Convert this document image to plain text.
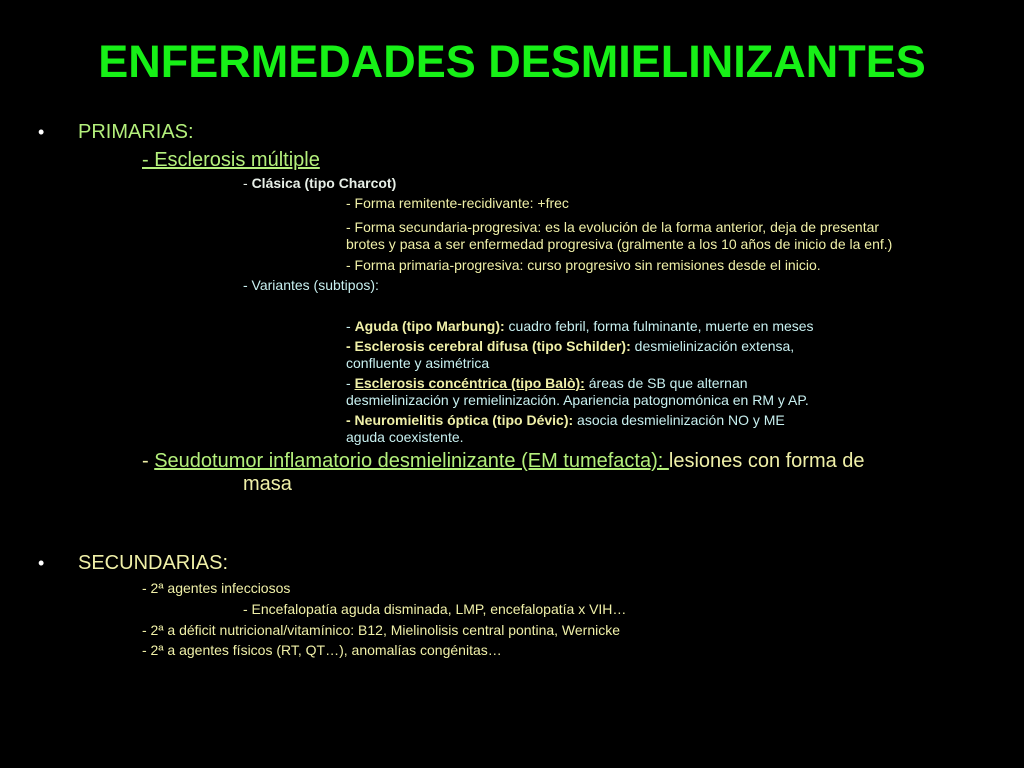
ENFERMEDADES DESMIELINIZANTES
• PRIMARIAS:
- Esclerosis múltiple
- Clásica (tipo Charcot)
- Forma remitente-recidivante: +frec
- Forma secundaria-progresiva: es la evolución de la forma anterior, deja de presentar
brotes y pasa a ser enfermedad progresiva (gralmente a los 10 años de inicio de la enf.)
- Forma primaria-progresiva: curso progresivo sin remisiones desde el inicio.
- Variantes (subtipos):
- Aguda (tipo Marbung): cuadro febril, forma fulminante, muerte en meses
- Esclerosis cerebral difusa (tipo Schilder): desmielinización extensa,
confluente y asimétrica
- Esclerosis concéntrica (tipo Balò): áreas de SB que alternan
desmielinización y remielinización. Apariencia patognomónica en RM y AP.
- Neuromielitis óptica (tipo Dévic): asocia desmielinización NO y ME
aguda coexistente.
- Seudotumor inflamatorio desmielinizante (EM tumefacta): lesiones con forma de
masa
• SECUNDARIAS:
- 2ª agentes infecciosos
- Encefalopatía aguda disminada, LMP, encefalopatía x VIH…
- 2ª a déficit nutricional/vitamínico: B12, Mielinolisis central pontina, Wernicke
- 2ª a agentes físicos (RT, QT…), anomalías congénitas…
